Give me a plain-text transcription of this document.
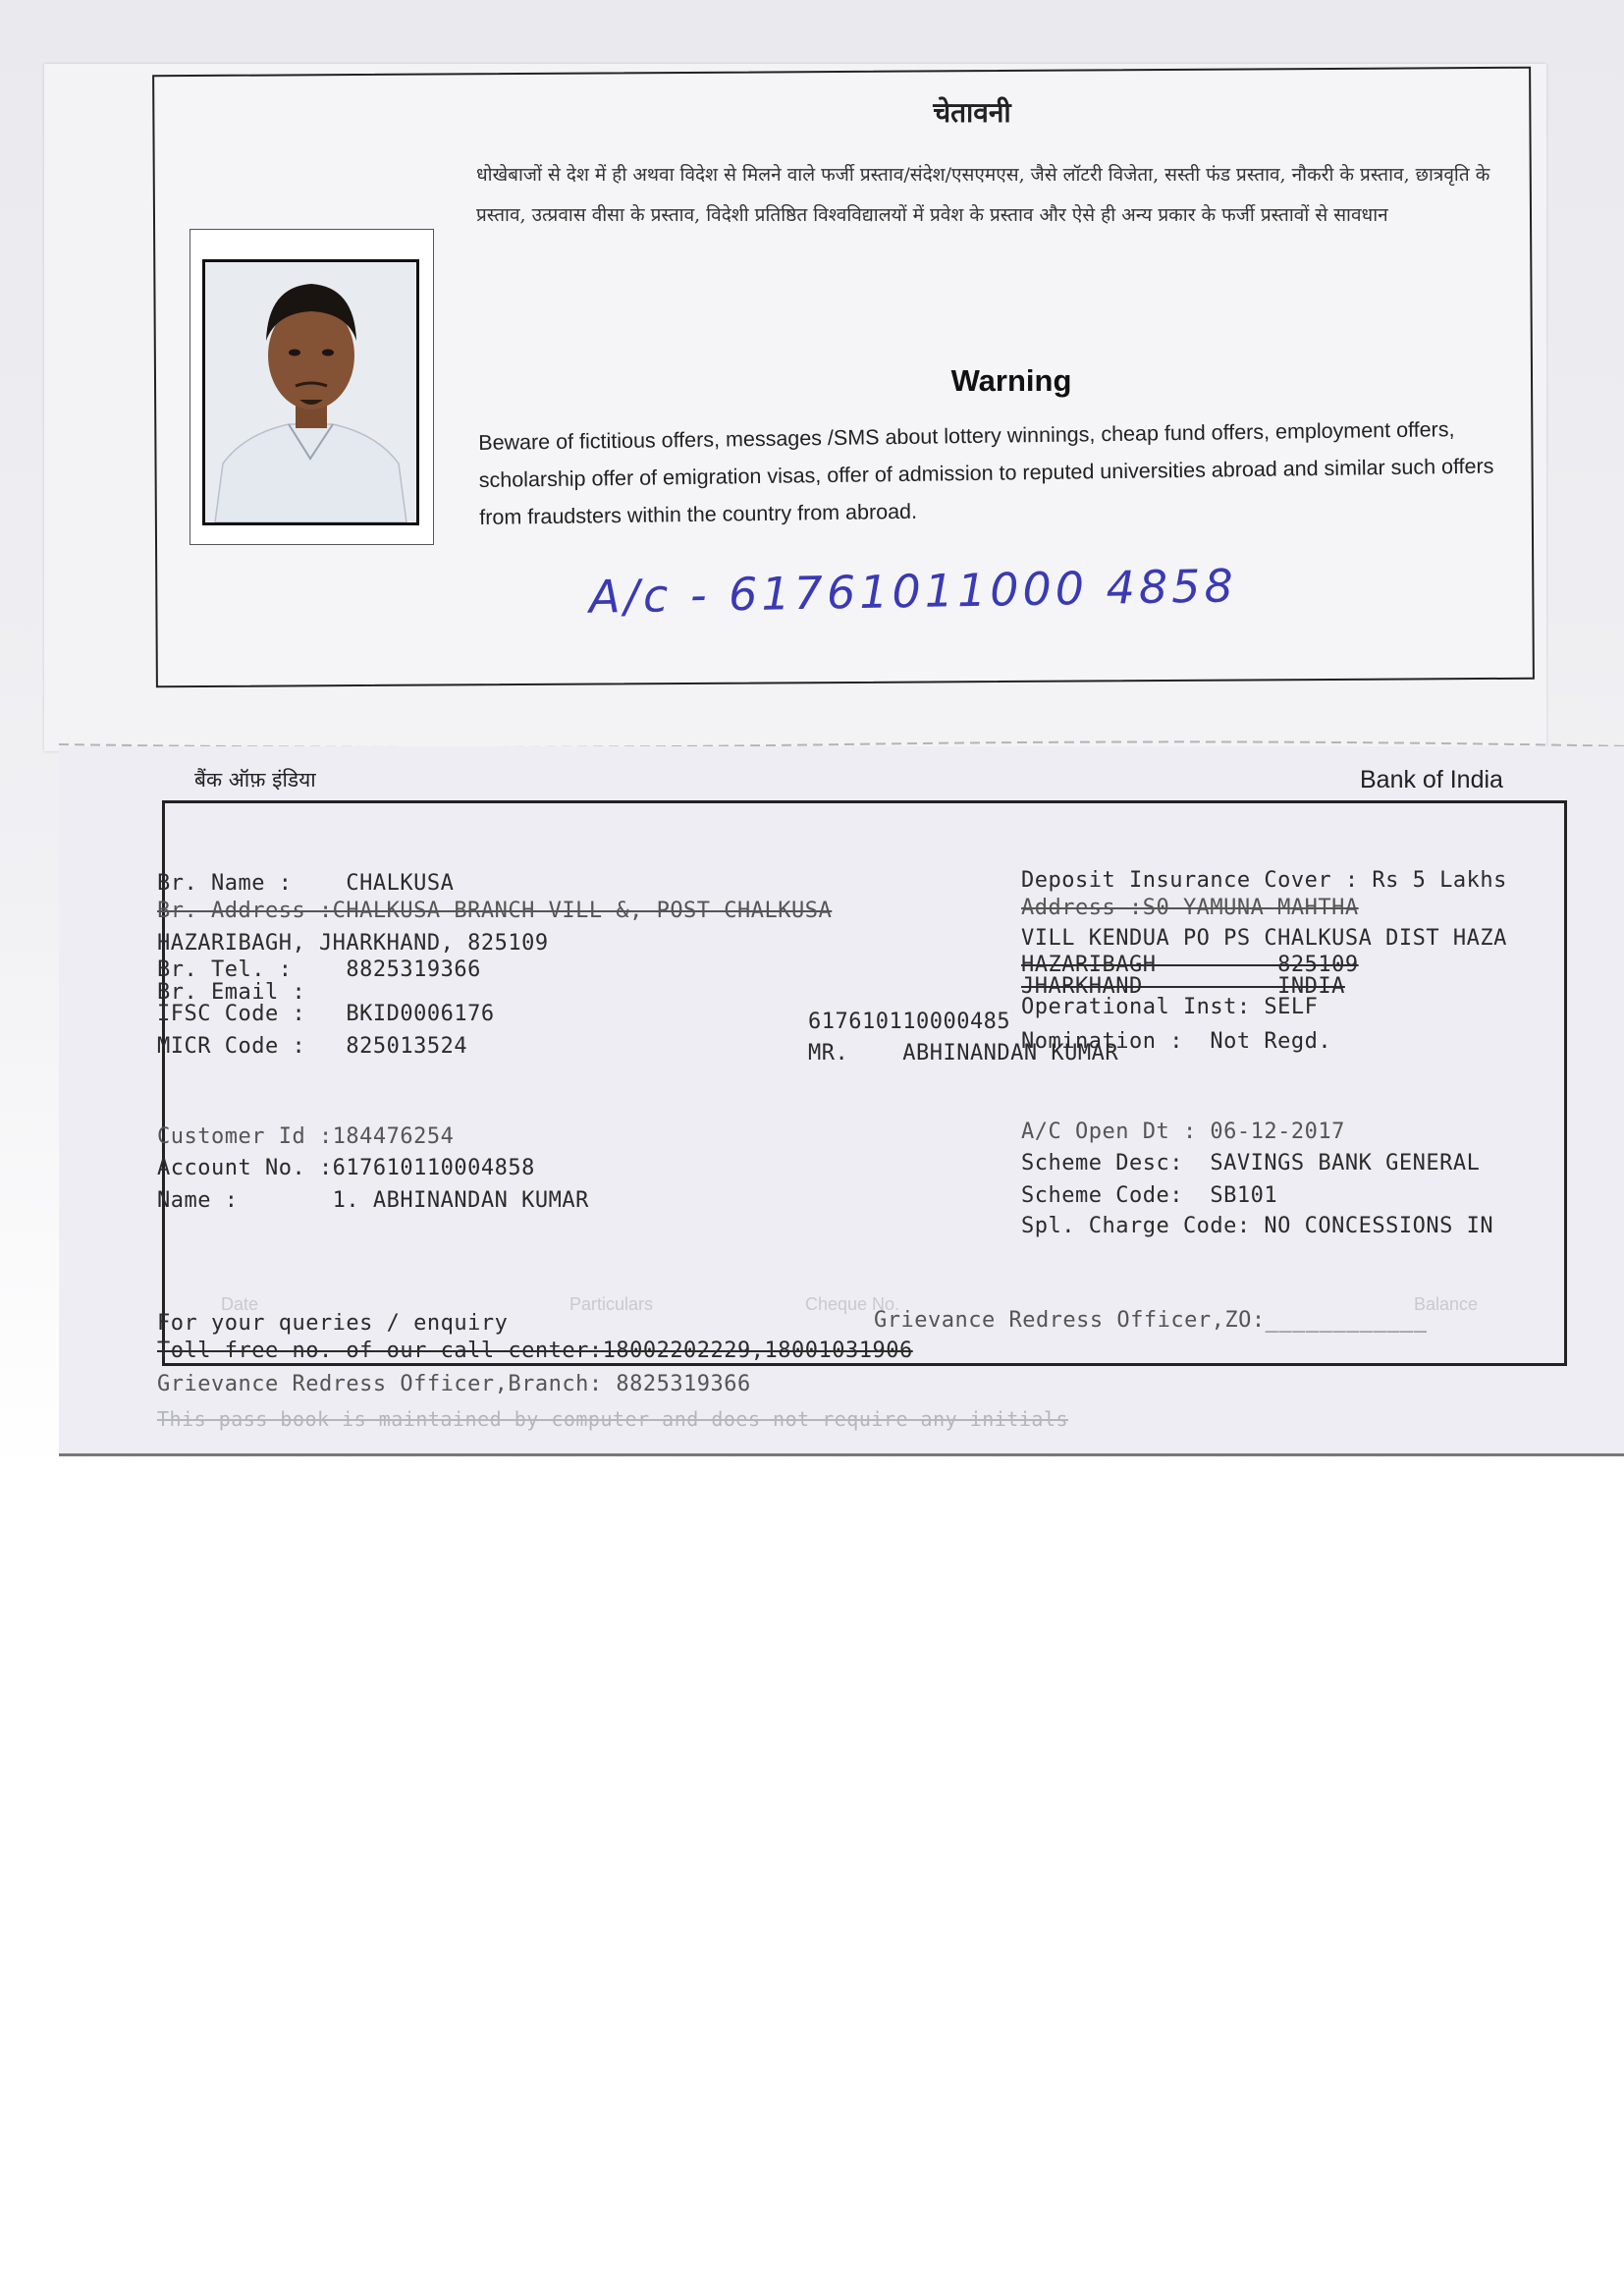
चेतावनी
धोखेबाजों से देश में ही अथवा विदेश से मिलने वाले फर्जी प्रस्ताव/संदेश/एसएमएस, जैसे लॉटरी विजेता, सस्ती फंड प्रस्ताव, नौकरी के प्रस्ताव, छात्रवृति के प्रस्ताव, उत्प्रवास वीसा के प्रस्ताव, विदेशी प्रतिष्ठित विश्वविद्यालयों में प्रवेश के प्रस्ताव और ऐसे ही अन्य प्रकार के फर्जी प्रस्तावों से सावधान
Warning
Beware of fictitious offers, messages /SMS about lottery winnings, cheap fund offers, employment offers, scholarship offer of emigration visas, offer of admission to reputed universities abroad and similar such offers from fraudsters within the country from abroad.
A/c - 61761011000 4858
बैंक ऑफ़ इंडिया	Bank of India
Br. Name :    CHALKUSA
Br. Address :CHALKUSA BRANCH VILL &, POST CHALKUSA
HAZARIBAGH, JHARKHAND, 825109
Br. Tel. :    8825319366
Br. Email :
IFSC Code :   BKID0006176
MICR Code :   825013524
617610110000485
MR.    ABHINANDAN KUMAR
Deposit Insurance Cover : Rs 5 Lakhs
Address :S0 YAMUNA MAHTHA
VILL KENDUA PO PS CHALKUSA DIST HAZA
HAZARIBAGH         825109
JHARKHAND          INDIA
Operational Inst: SELF
Nomination :  Not Regd.
Customer Id :184476254
Account No. :617610110004858
Name :       1. ABHINANDAN KUMAR
A/C Open Dt : 06-12-2017
Scheme Desc:  SAVINGS BANK GENERAL
Scheme Code:  SB101
Spl. Charge Code: NO CONCESSIONS IN
Date	Particulars	Cheque No.	Balance
For your queries / enquiry	Grievance Redress Officer,ZO:____________
Toll free no. of our call center:18002202229,18001031906
Grievance Redress Officer,Branch: 8825319366
This pass book is maintained by computer and does not require any initials
